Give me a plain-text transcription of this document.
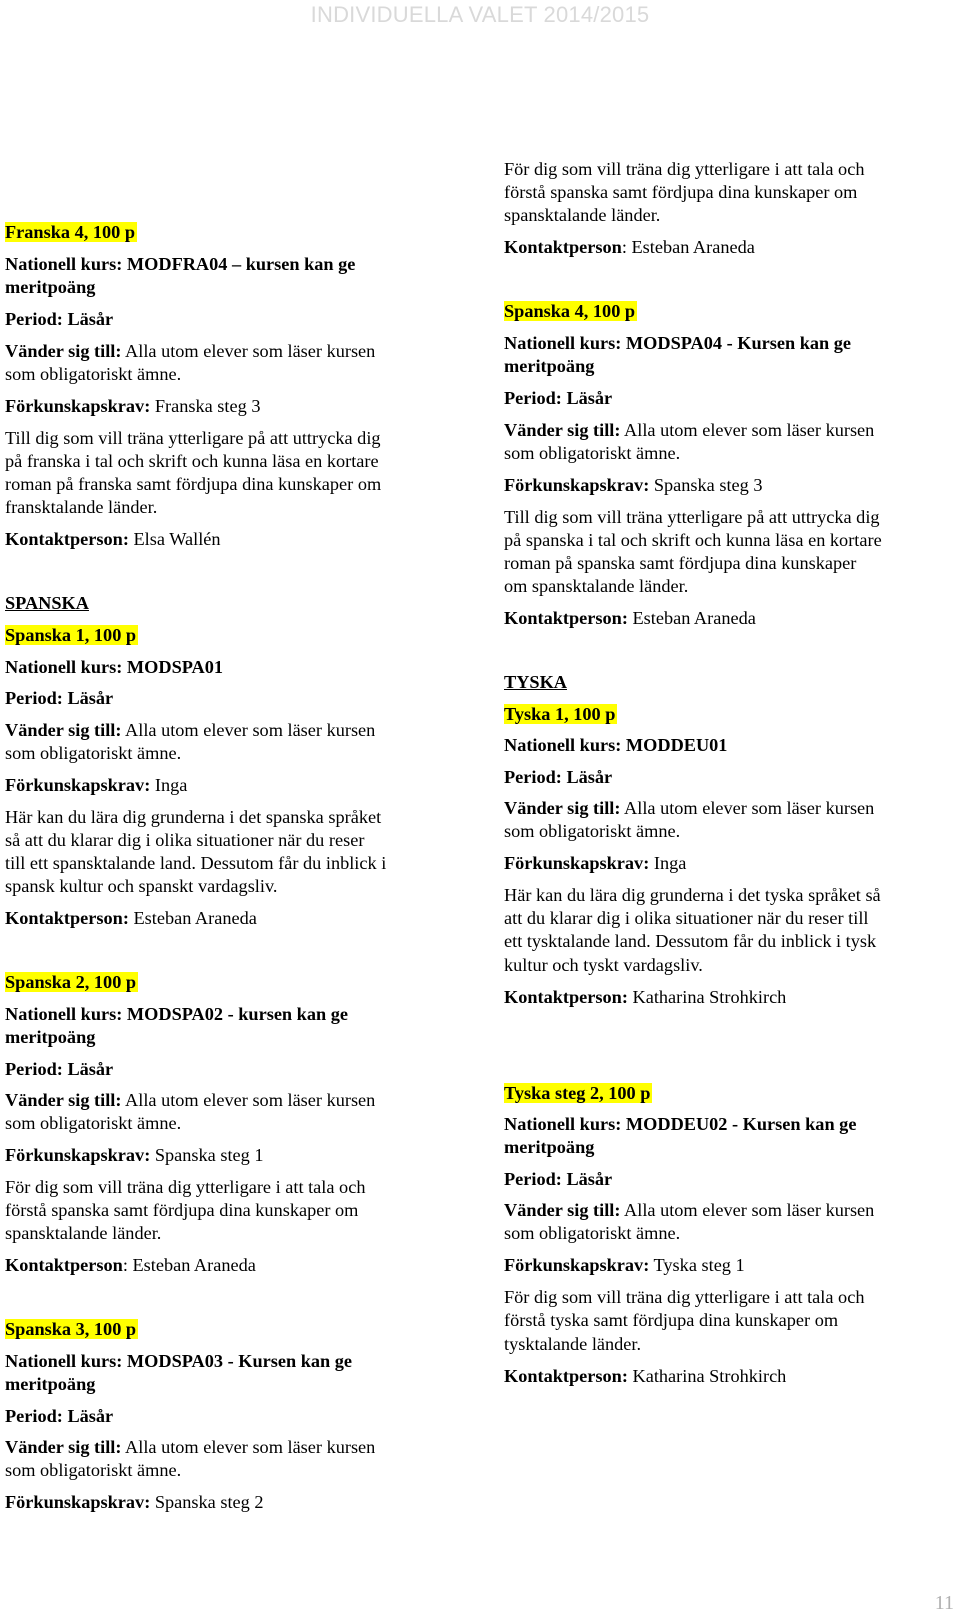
INDIVIDUELLA VALET 2014/2015
Franska 4, 100 p
Nationell kurs: MODFRA04 – kursen kan ge
meritpoäng
Period: Läsår
Vänder sig till: Alla utom elever som läser kursen
som obligatoriskt ämne.
Förkunskapskrav: Franska steg 3
Till dig som vill träna ytterligare på att uttrycka dig
på franska i tal och skrift och kunna läsa en kortare
roman på franska samt fördjupa dina kunskaper om
fransktalande länder.
Kontaktperson: Elsa Wallén
SPANSKA
Spanska 1, 100 p
Nationell kurs: MODSPA01
Period: Läsår
Vänder sig till: Alla utom elever som läser kursen
som obligatoriskt ämne.
Förkunskapskrav: Inga
Här kan du lära dig grunderna i det spanska språket
så att du klarar dig i olika situationer när du reser
till ett spansktalande land. Dessutom får du inblick i
spansk kultur och spanskt vardagsliv.
Kontaktperson: Esteban Araneda
Spanska 2, 100 p
Nationell kurs: MODSPA02 - kursen kan ge
meritpoäng
Period: Läsår
Vänder sig till: Alla utom elever som läser kursen
som obligatoriskt ämne.
Förkunskapskrav: Spanska steg 1
För dig som vill träna dig ytterligare i att tala och
förstå spanska samt fördjupa dina kunskaper om
spansktalande länder.
Kontaktperson: Esteban Araneda
Spanska 3, 100 p
Nationell kurs: MODSPA03 - Kursen kan ge
meritpoäng
Period: Läsår
Vänder sig till: Alla utom elever som läser kursen
som obligatoriskt ämne.
Förkunskapskrav: Spanska steg 2
För dig som vill träna dig ytterligare i att tala och
förstå spanska samt fördjupa dina kunskaper om
spansktalande länder.
Kontaktperson: Esteban Araneda
Spanska 4, 100 p
Nationell kurs: MODSPA04 - Kursen kan ge
meritpoäng
Period: Läsår
Vänder sig till: Alla utom elever som läser kursen
som obligatoriskt ämne.
Förkunskapskrav: Spanska steg 3
Till dig som vill träna ytterligare på att uttrycka dig
på spanska i tal och skrift och kunna läsa en kortare
roman på spanska samt fördjupa dina kunskaper
om spansktalande länder.
Kontaktperson: Esteban Araneda
TYSKA
Tyska 1, 100 p
Nationell kurs: MODDEU01
Period: Läsår
Vänder sig till: Alla utom elever som läser kursen
som obligatoriskt ämne.
Förkunskapskrav: Inga
Här kan du lära dig grunderna i det tyska språket så
att du klarar dig i olika situationer när du reser till
ett tysktalande land. Dessutom får du inblick i tysk
kultur och tyskt vardagsliv.
Kontaktperson: Katharina Strohkirch
Tyska steg 2, 100 p
Nationell kurs: MODDEU02 - Kursen kan ge
meritpoäng
Period: Läsår
Vänder sig till: Alla utom elever som läser kursen
som obligatoriskt ämne.
Förkunskapskrav: Tyska steg 1
För dig som vill träna dig ytterligare i att tala och
förstå tyska samt fördjupa dina kunskaper om
tysktalande länder.
Kontaktperson: Katharina Strohkirch
11
